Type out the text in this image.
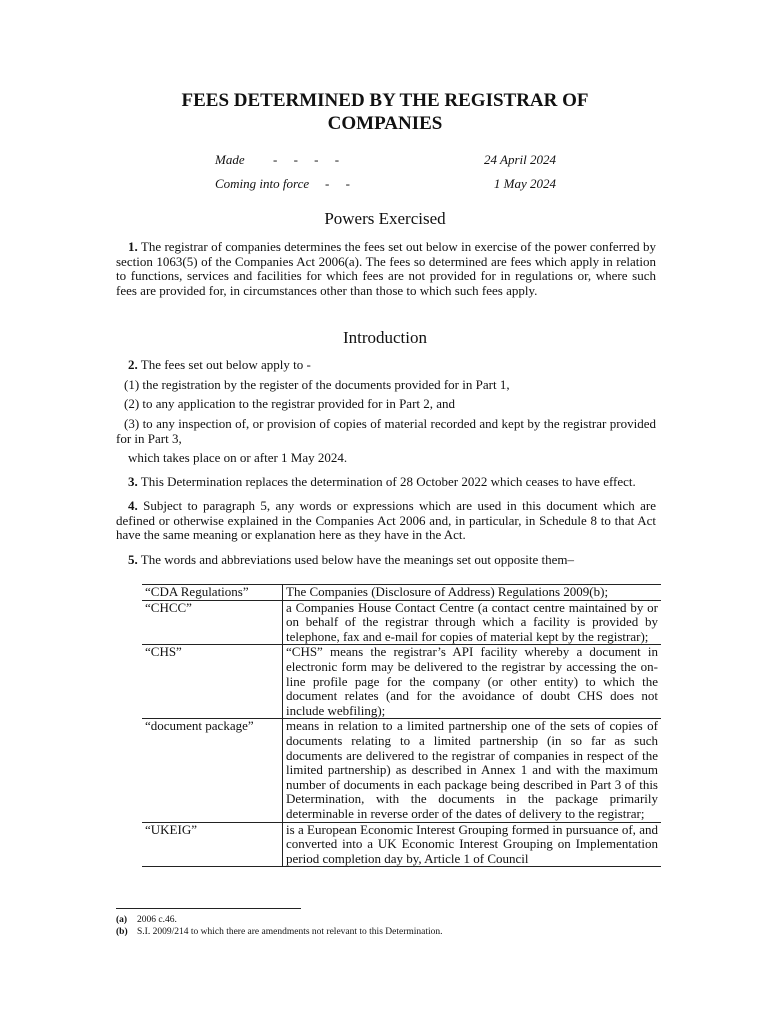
FEES DETERMINED BY THE REGISTRAR OF
COMPANIES
Made -     -     -     -	24 April 2024
Coming into force -     -	1 May 2024
Powers Exercised
1. The registrar of companies determines the fees set out below in exercise of the power conferred by section 1063(5) of the Companies Act 2006(a). The fees so determined are fees which apply in relation to functions, services and facilities for which fees are not provided for in regulations or, where such fees are provided for, in circumstances other than those to which such fees apply.
Introduction
2. The fees set out below apply to -
(1) the registration by the register of the documents provided for in Part 1,
(2) to any application to the registrar provided for in Part 2, and
(3) to any inspection of, or provision of copies of material recorded and kept by the registrar provided for in Part 3,
which takes place on or after 1 May 2024.
3. This Determination replaces the determination of 28 October 2022 which ceases to have effect.
4. Subject to paragraph 5, any words or expressions which are used in this document which are defined or otherwise explained in the Companies Act 2006 and, in particular, in Schedule 8 to that Act have the same meaning or explanation here as they have in the Act.
5. The words and abbreviations used below have the meanings set out opposite them–
“CDA Regulations”	The Companies (Disclosure of Address) Regulations 2009(b);
“CHCC”	a Companies House Contact Centre (a contact centre maintained by or on behalf of the registrar through which a facility is provided by telephone, fax and e-mail for copies of material kept by the registrar);
“CHS”	“CHS” means the registrar’s API facility whereby a document in electronic form may be delivered to the registrar by accessing the on-line profile page for the company (or other entity) to which the document relates (and for the avoidance of doubt CHS does not include webfiling);
“document package”	means in relation to a limited partnership one of the sets of copies of documents relating to a limited partnership (in so far as such documents are delivered to the registrar of companies in respect of the limited partnership) as described in Annex 1 and with the maximum number of documents in each package being described in Part 3 of this Determination, with the documents in the package primarily determinable in reverse order of the dates of delivery to the registrar;
“UKEIG”	is a European Economic Interest Grouping formed in pursuance of, and converted into a UK Economic Interest Grouping on Implementation period completion day by, Article 1 of Council
(a) 2006 c.46.
(b) S.I. 2009/214 to which there are amendments not relevant to this Determination.
